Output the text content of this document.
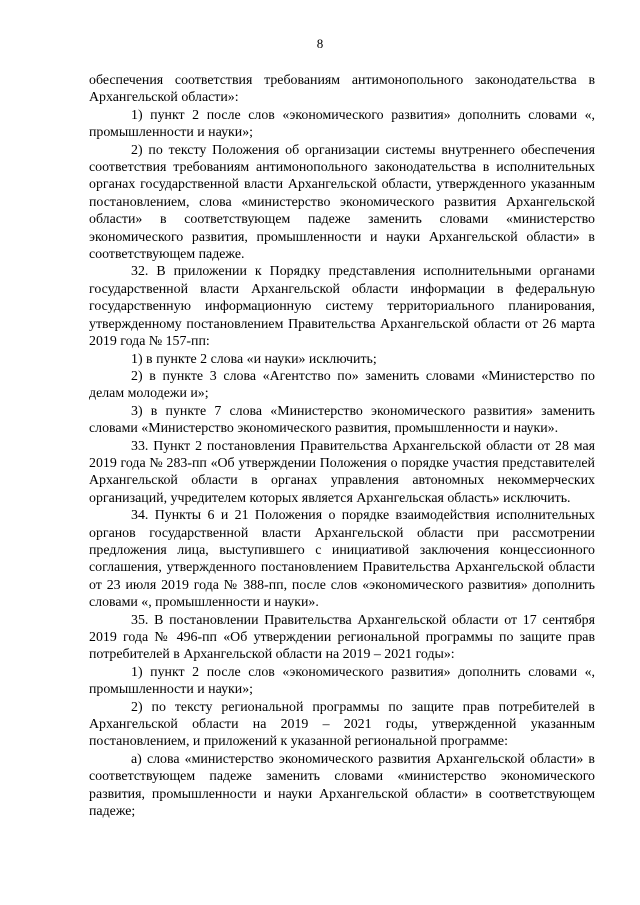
8

обеспечения соответствия требованиям антимонопольного законодательства в Архангельской области»:

1) пункт 2 после слов «экономического развития» дополнить словами «, промышленности и науки»;

2) по тексту Положения об организации системы внутреннего обеспечения соответствия требованиям антимонопольного законодательства в исполнительных органах государственной власти Архангельской области, утвержденного указанным постановлением, слова «министерство экономического развития Архангельской области» в соответствующем падеже заменить словами «министерство экономического развития, промышленности и науки Архангельской области» в соответствующем падеже.

32. В приложении к Порядку представления исполнительными органами государственной власти Архангельской области информации в федеральную государственную информационную систему территориального планирования, утвержденному постановлением Правительства Архангельской области от 26 марта 2019 года № 157-пп:

1) в пункте 2 слова «и науки» исключить;

2) в пункте 3 слова «Агентство по» заменить словами «Министерство по делам молодежи и»;

3) в пункте 7 слова «Министерство экономического развития» заменить словами «Министерство экономического развития, промышленности и науки».

33. Пункт 2 постановления Правительства Архангельской области от 28 мая 2019 года № 283-пп «Об утверждении Положения о порядке участия представителей Архангельской области в органах управления автономных некоммерческих организаций, учредителем которых является Архангельская область» исключить.

34. Пункты 6 и 21 Положения о порядке взаимодействия исполнительных органов государственной власти Архангельской области при рассмотрении предложения лица, выступившего с инициативой заключения концессионного соглашения, утвержденного постановлением Правительства Архангельской области от 23 июля 2019 года № 388-пп, после слов «экономического развития» дополнить словами «, промышленности и науки».

35. В постановлении Правительства Архангельской области от 17 сентября 2019 года № 496-пп «Об утверждении региональной программы по защите прав потребителей в Архангельской области на 2019 – 2021 годы»:

1) пункт 2 после слов «экономического развития» дополнить словами «, промышленности и науки»;

2) по тексту региональной программы по защите прав потребителей в Архангельской области на 2019 – 2021 годы, утвержденной указанным постановлением, и приложений к указанной региональной программе:

а) слова «министерство экономического развития Архангельской области» в соответствующем падеже заменить словами «министерство экономического развития, промышленности и науки Архангельской области» в соответствующем падеже;
